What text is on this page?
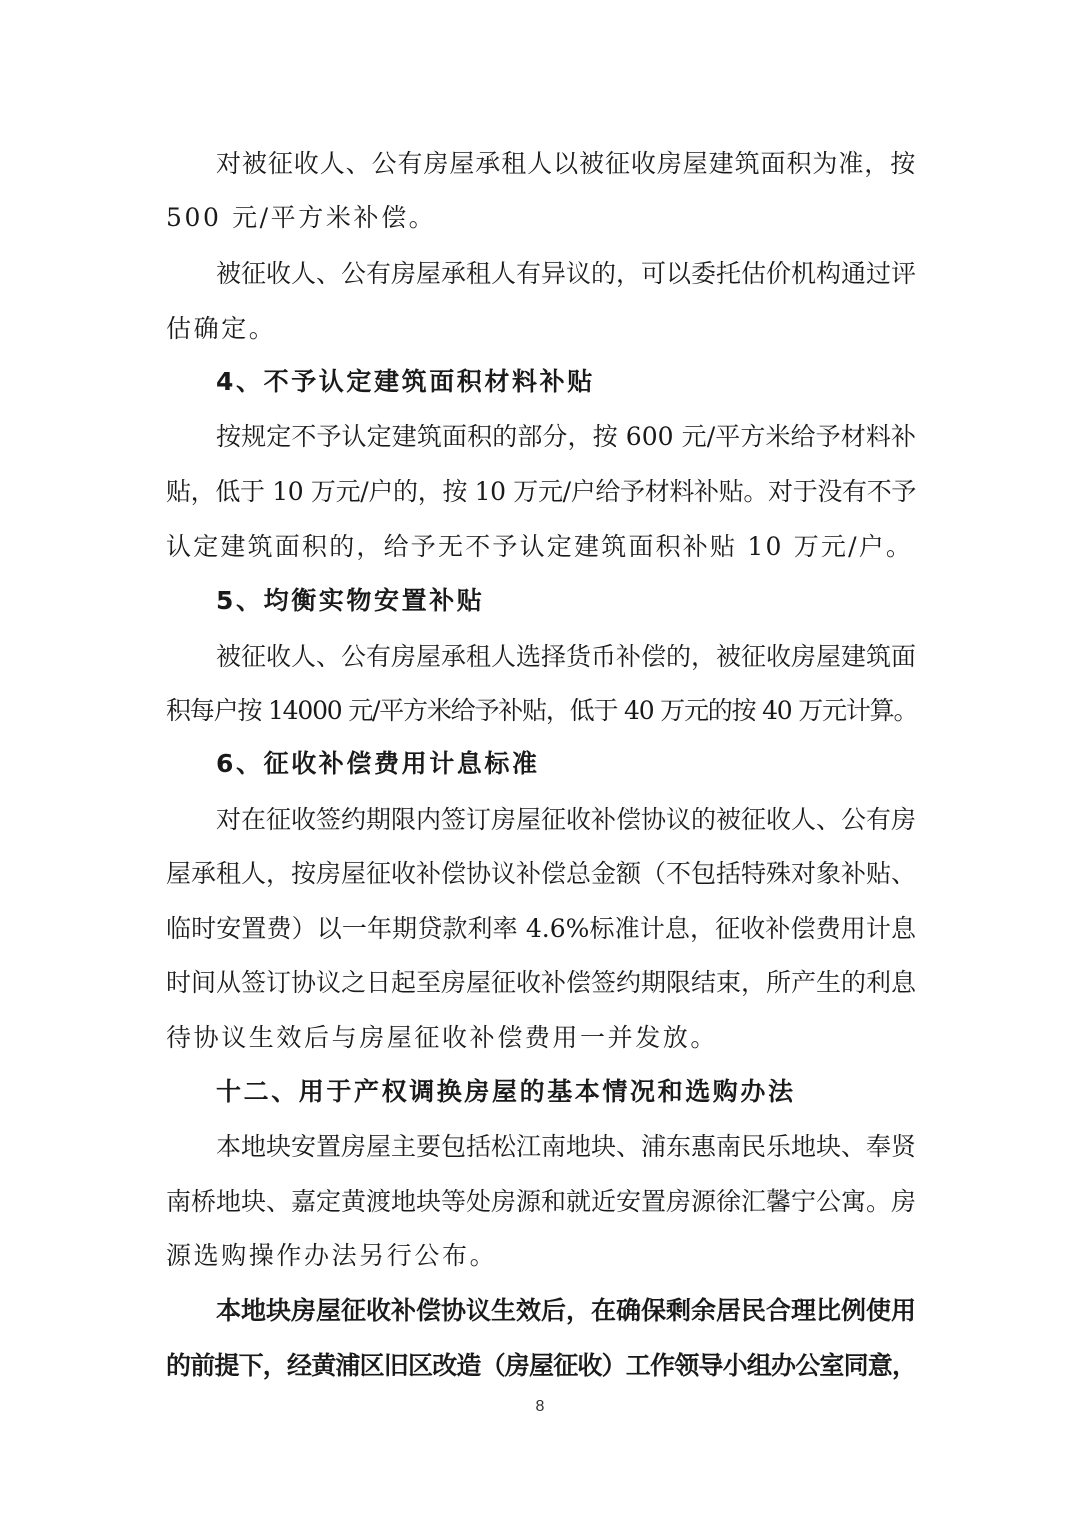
对被征收人、公有房屋承租人以被征收房屋建筑面积为准，按
500 元/平方米补偿。
被征收人、公有房屋承租人有异议的，可以委托估价机构通过评
估确定。
4、不予认定建筑面积材料补贴
按规定不予认定建筑面积的部分，按 600 元/平方米给予材料补
贴，低于 10 万元/户的，按 10 万元/户给予材料补贴。对于没有不予
认定建筑面积的，给予无不予认定建筑面积补贴 10 万元/户。
5、均衡实物安置补贴
被征收人、公有房屋承租人选择货币补偿的，被征收房屋建筑面
积每户按 14000 元/平方米给予补贴，低于 40 万元的按 40 万元计算。
6、征收补偿费用计息标准
对在征收签约期限内签订房屋征收补偿协议的被征收人、公有房
屋承租人，按房屋征收补偿协议补偿总金额（不包括特殊对象补贴、
临时安置费）以一年期贷款利率 4.6%标准计息，征收补偿费用计息
时间从签订协议之日起至房屋征收补偿签约期限结束，所产生的利息
待协议生效后与房屋征收补偿费用一并发放。
十二、用于产权调换房屋的基本情况和选购办法
本地块安置房屋主要包括松江南地块、浦东惠南民乐地块、奉贤
南桥地块、嘉定黄渡地块等处房源和就近安置房源徐汇馨宁公寓。房
源选购操作办法另行公布。
本地块房屋征收补偿协议生效后，在确保剩余居民合理比例使用
的前提下，经黄浦区旧区改造（房屋征收）工作领导小组办公室同意，
8
